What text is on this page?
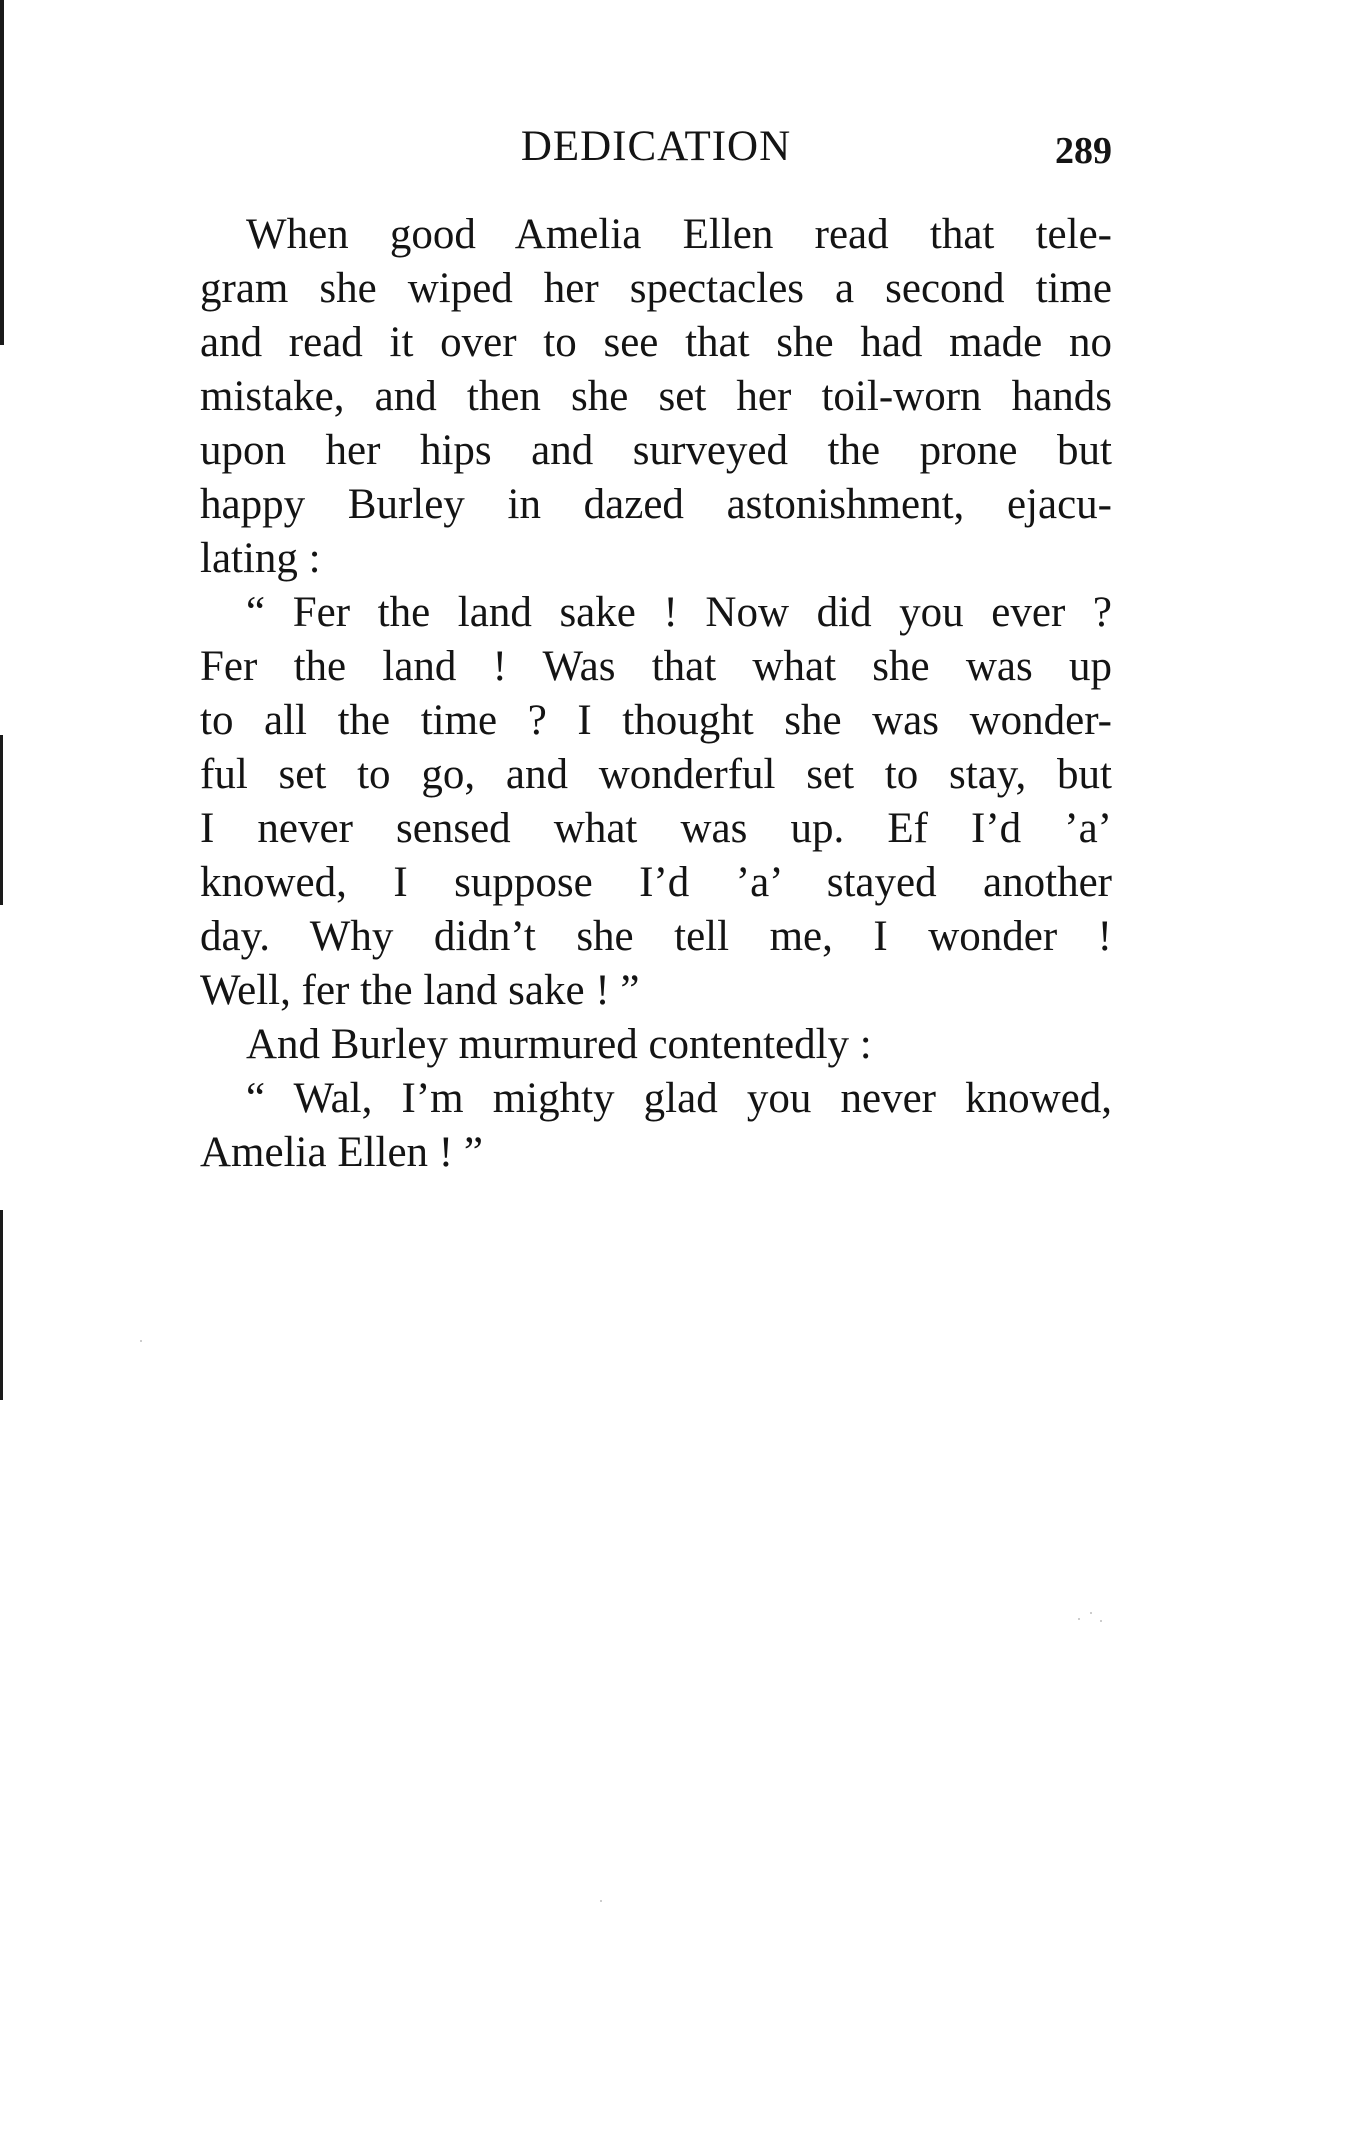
DEDICATION	289
When good Amelia Ellen read that tele-
gram she wiped her spectacles a second time
and read it over to see that she had made no
mistake, and then she set her toil-worn hands
upon her hips and surveyed the prone but
happy Burley in dazed astonishment, ejacu-
lating :
“ Fer the land sake ! Now did you ever ?
Fer the land ! Was that what she was up
to all the time ? I thought she was wonder-
ful set to go, and wonderful set to stay, but
I never sensed what was up. Ef I’d ’a’
knowed, I suppose I’d ’a’ stayed another
day. Why didn’t she tell me, I wonder !
Well, fer the land sake ! ”
And Burley murmured contentedly :
“ Wal, I’m mighty glad you never knowed,
Amelia Ellen ! ”
